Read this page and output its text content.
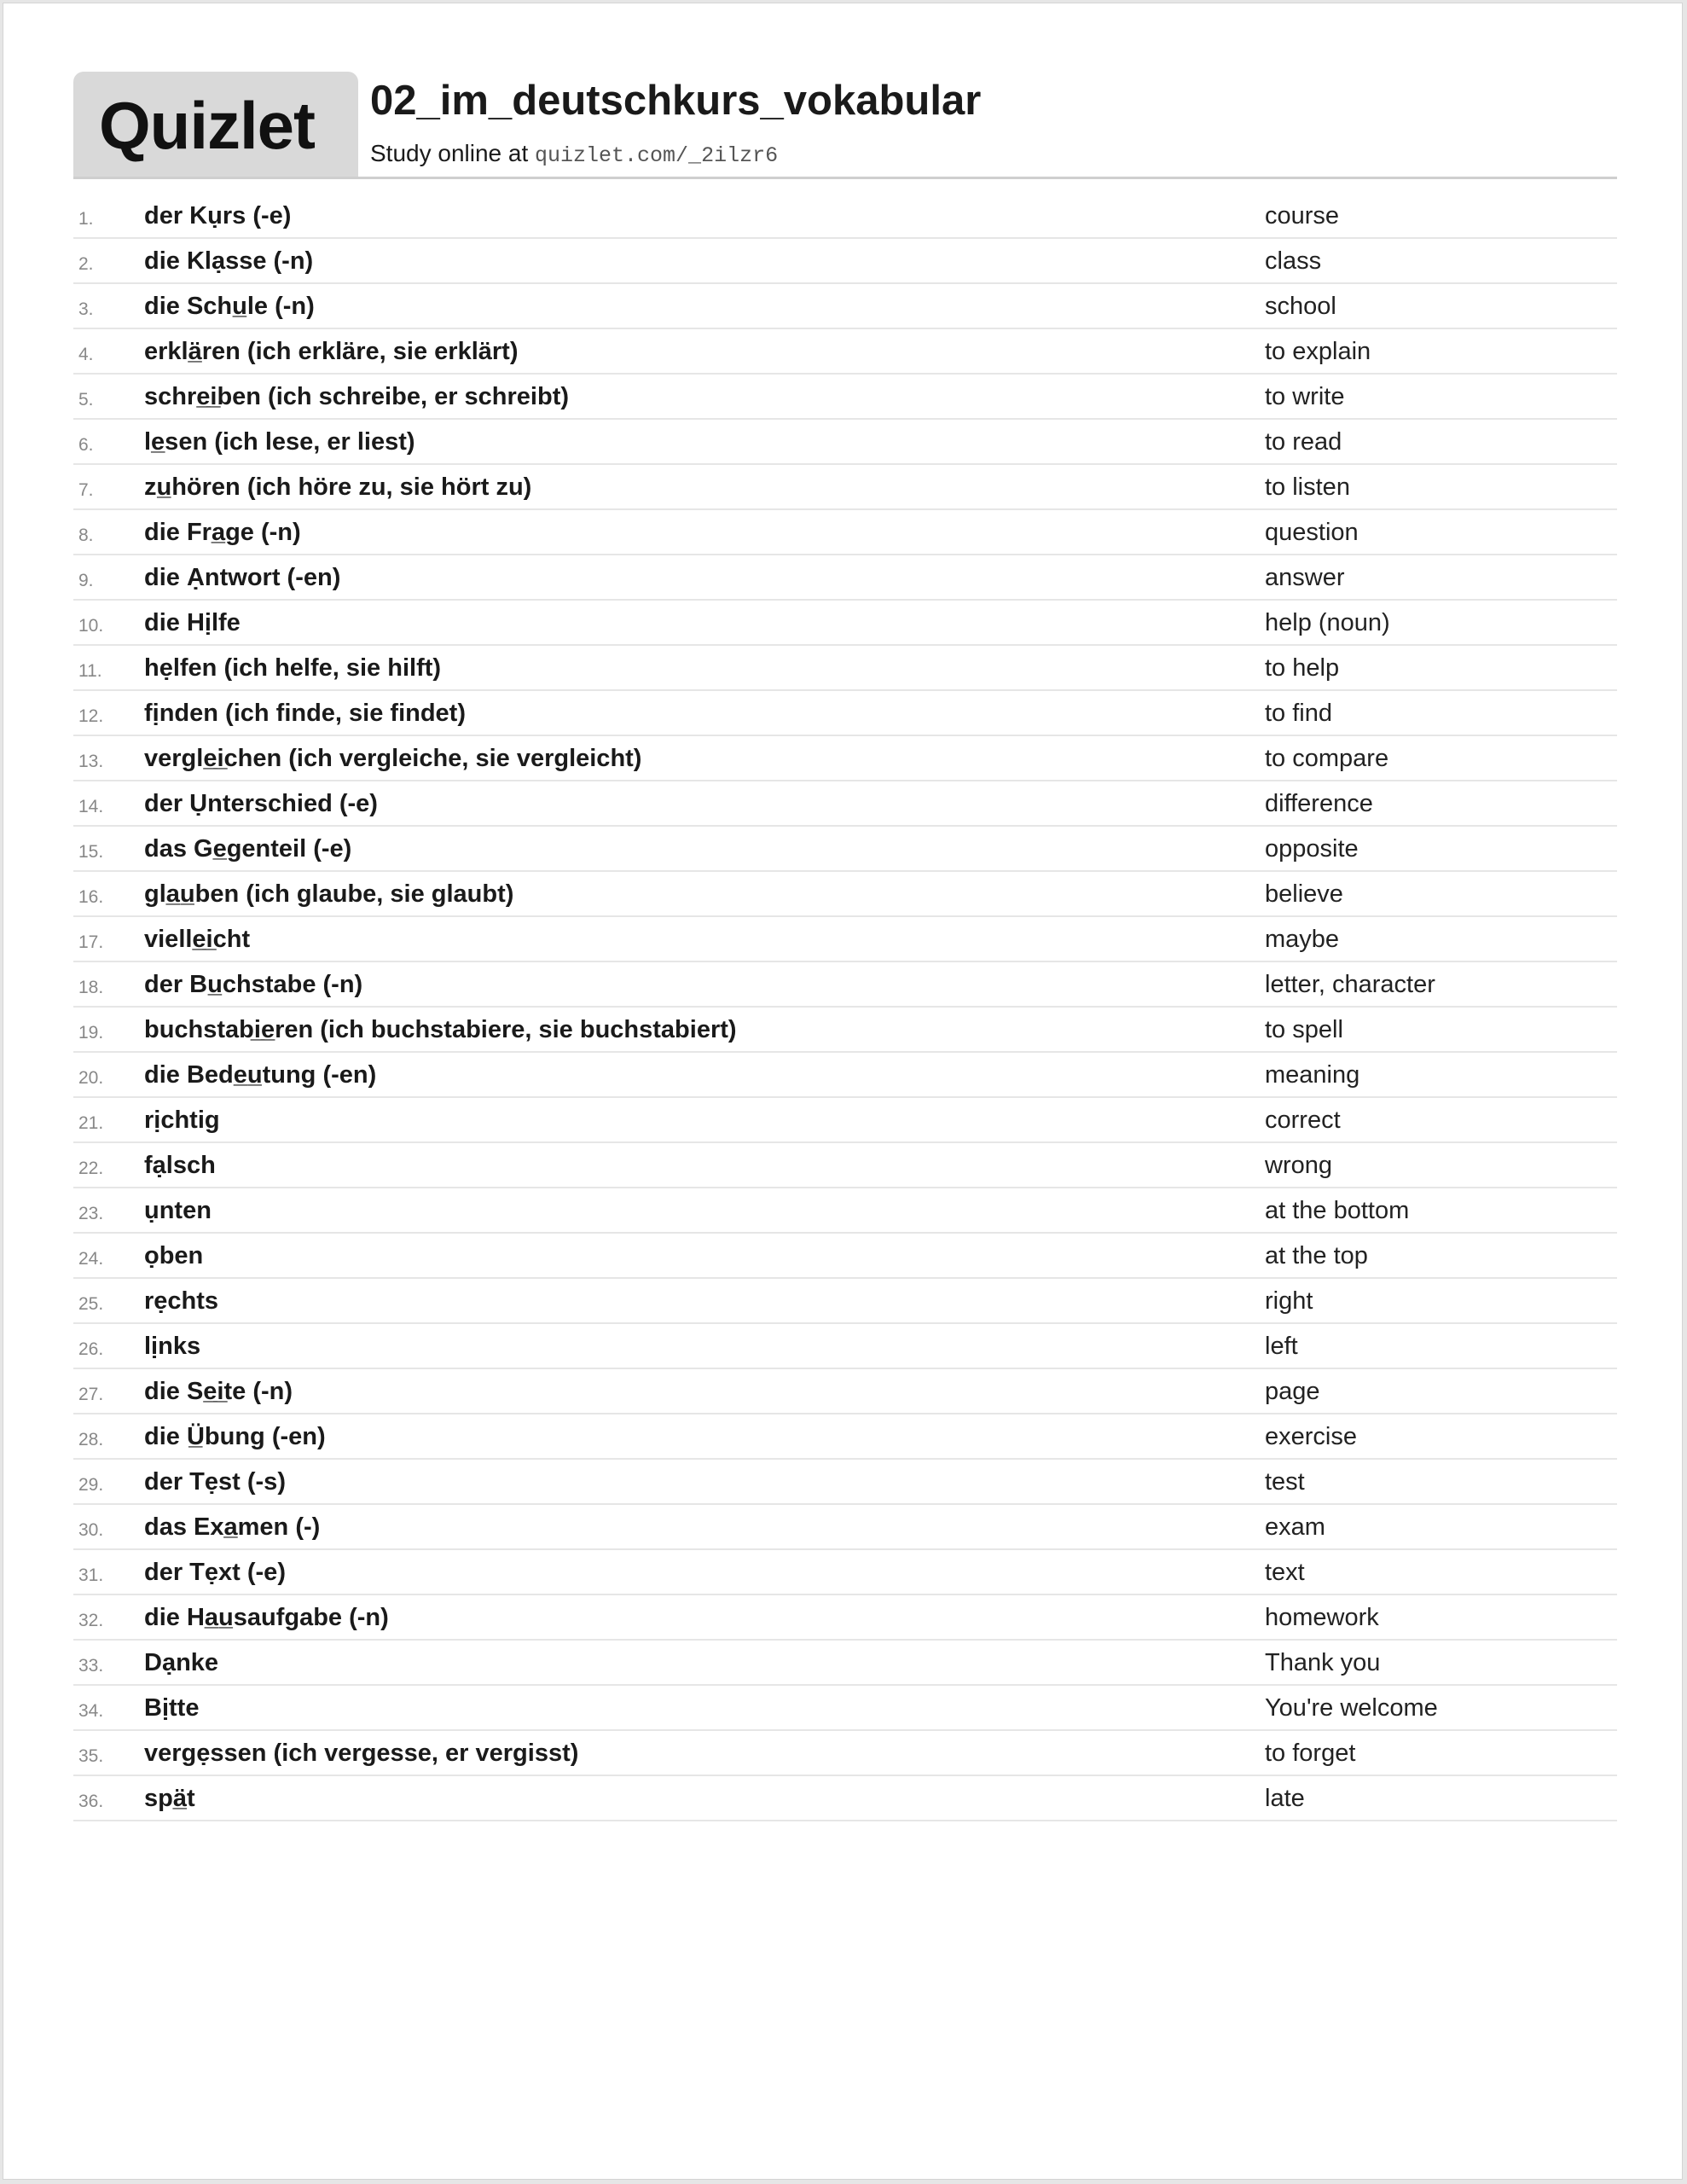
Quizlet 02_im_deutschkurs_vokabular
Study online at quizlet.com/_2ilzr6
1. der Kụrs (-e)	course
2. die Klạsse (-n)	class
3. die Schu̲le (-n)	school
4. erklä̲ren (ich erkläre, sie erklärt)	to explain
5. schre̲i̲ben (ich schreibe, er schreibt)	to write
6. le̲sen (ich lese, er liest)	to read
7. zu̲hören (ich höre zu, sie hört zu)	to listen
8. die Fra̲ge (-n)	question
9. die Ạntwort (-en)	answer
10. die Hịlfe	help (noun)
11. hẹlfen (ich helfe, sie hilft)	to help
12. fịnden (ich finde, sie findet)	to find
13. vergle̲i̲chen (ich vergleiche, sie vergleicht)	to compare
14. der Ụnterschied (-e)	difference
15. das Ge̲genteil (-e)	opposite
16. gla̲u̲ben (ich glaube, sie glaubt)	believe
17. vielle̲i̲cht	maybe
18. der Bu̲chstabe (-n)	letter, character
19. buchstabi̲e̲ren (ich buchstabiere, sie buchstabiert)	to spell
20. die Bede̲u̲tung (-en)	meaning
21. rịchtig	correct
22. fạlsch	wrong
23. ụnten	at the bottom
24. ọben	at the top
25. rẹchts	right
26. lịnks	left
27. die Se̲i̲te (-n)	page
28. die Ü̲bung (-en)	exercise
29. der Tẹst (-s)	test
30. das Exa̲men (-)	exam
31. der Tẹxt (-e)	text
32. die Ha̲u̲saufgabe (-n)	homework
33. Dạnke	Thank you
34. Bịtte	You're welcome
35. vergẹssen (ich vergesse, er vergisst)	to forget
36. spä̲t	late
